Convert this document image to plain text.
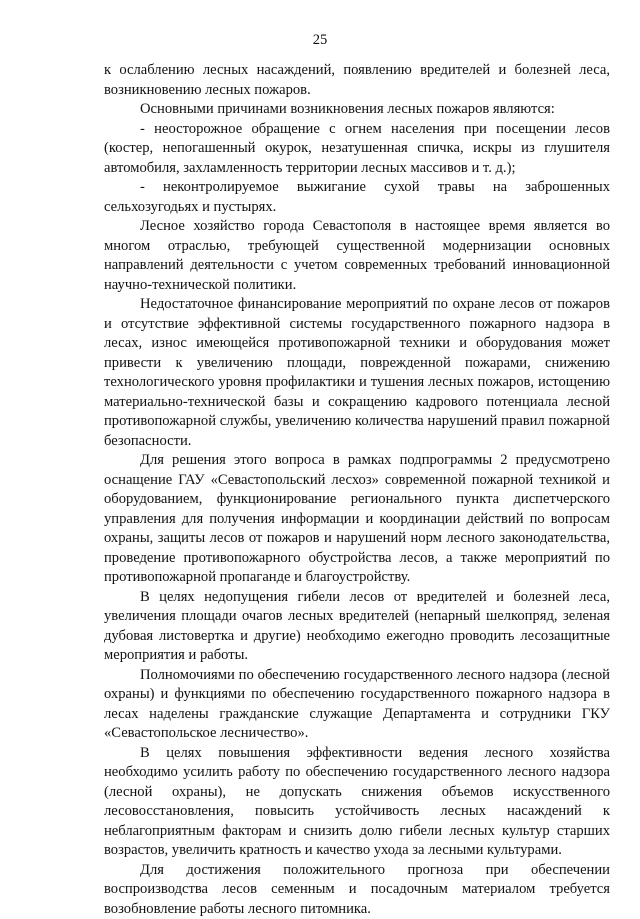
25

к ослаблению лесных насаждений, появлению вредителей и болезней леса, возникновению лесных пожаров.

Основными причинами возникновения лесных пожаров являются:

- неосторожное обращение с огнем населения при посещении лесов (костер, непогашенный окурок, незатушенная спичка, искры из глушителя автомобиля, захламленность территории лесных массивов и т. д.);

- неконтролируемое выжигание сухой травы на заброшенных сельхозугодьях и пустырях.

Лесное хозяйство города Севастополя в настоящее время является во многом отраслью, требующей существенной модернизации основных направлений деятельности с учетом современных требований инновационной научно-технической политики.

Недостаточное финансирование мероприятий по охране лесов от пожаров и отсутствие эффективной системы государственного пожарного надзора в лесах, износ имеющейся противопожарной техники и оборудования может привести к увеличению площади, поврежденной пожарами, снижению технологического уровня профилактики и тушения лесных пожаров, истощению материально-технической базы и сокращению кадрового потенциала лесной противопожарной службы, увеличению количества нарушений правил пожарной безопасности.

Для решения этого вопроса в рамках подпрограммы 2 предусмотрено оснащение ГАУ «Севастопольский лесхоз» современной пожарной техникой и оборудованием, функционирование регионального пункта диспетчерского управления для получения информации и координации действий по вопросам охраны, защиты лесов от пожаров и нарушений норм лесного законодательства, проведение противопожарного обустройства лесов, а также мероприятий по противопожарной пропаганде и благоустройству.

В целях недопущения гибели лесов от вредителей и болезней леса, увеличения площади очагов лесных вредителей (непарный шелкопряд, зеленая дубовая листовертка и другие) необходимо ежегодно проводить лесозащитные мероприятия и работы.

Полномочиями по обеспечению государственного лесного надзора (лесной охраны) и функциями по обеспечению государственного пожарного надзора в лесах наделены гражданские служащие Департамента и сотрудники ГКУ «Севастопольское лесничество».

В целях повышения эффективности ведения лесного хозяйства необходимо усилить работу по обеспечению государственного лесного надзора (лесной охраны), не допускать снижения объемов искусственного лесовосстановления, повысить устойчивость лесных насаждений к неблагоприятным факторам и снизить долю гибели лесных культур старших возрастов, увеличить кратность и качество ухода за лесными культурами.

Для достижения положительного прогноза при обеспечении воспроизводства лесов семенным и посадочным материалом требуется возобновление работы лесного питомника.
